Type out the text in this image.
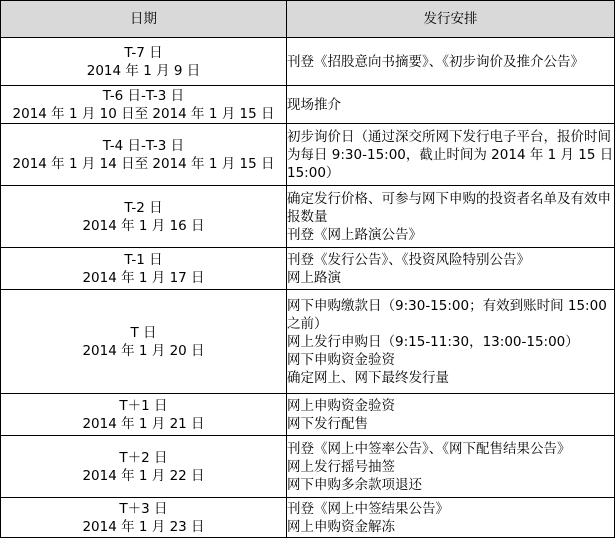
日期	发行安排

T-7 日
2014 年 1 月 9 日	刊登《招股意向书摘要》、《初步询价及推介公告》

T-6 日-T-3 日
2014 年 1 月 10 日至 2014 年 1 月 15 日	现场推介

T-4 日-T-3 日
2014 年 1 月 14 日至 2014 年 1 月 15 日	初步询价日（通过深交所网下发行电子平台，报价时间为每日 9:30-15:00，截止时间为 2014 年 1 月 15 日 15:00）

T-2 日
2014 年 1 月 16 日	确定发行价格、可参与网下申购的投资者名单及有效申报数量
刊登《网上路演公告》

T-1 日
2014 年 1 月 17 日	刊登《发行公告》、《投资风险特别公告》
网上路演

T 日
2014 年 1 月 20 日	网下申购缴款日（9:30-15:00；有效到账时间 15:00 之前）
网上发行申购日（9:15-11:30，13:00-15:00）
网下申购资金验资
确定网上、网下最终发行量

T＋1 日
2014 年 1 月 21 日	网上申购资金验资
网下发行配售

T＋2 日
2014 年 1 月 22 日	刊登《网上中签率公告》、《网下配售结果公告》
网上发行摇号抽签
网下申购多余款项退还

T＋3 日
2014 年 1 月 23 日	刊登《网上中签结果公告》
网上申购资金解冻
